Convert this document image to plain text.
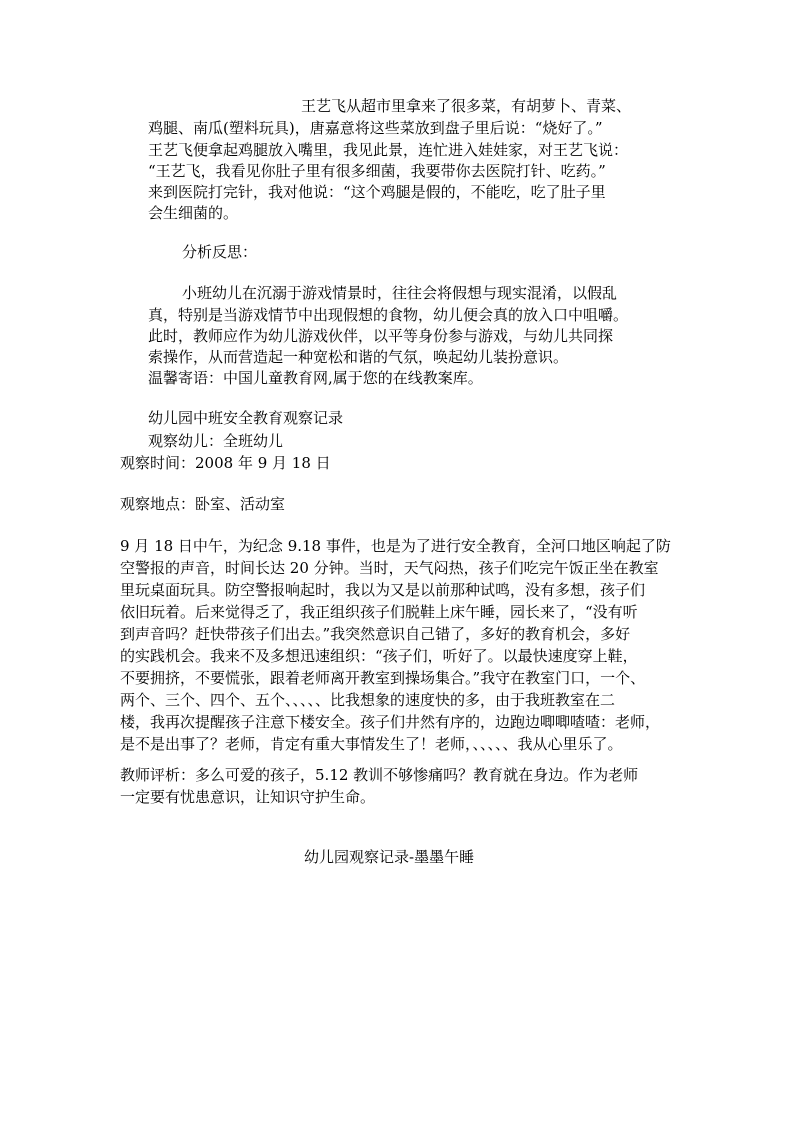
王艺飞从超市里拿来了很多菜，有胡萝卜、青菜、
鸡腿、南瓜(塑料玩具)，唐嘉意将这些菜放到盘子里后说：“烧好了。”
王艺飞便拿起鸡腿放入嘴里，我见此景，连忙进入娃娃家，对王艺飞说：
“王艺飞，我看见你肚子里有很多细菌，我要带你去医院打针、吃药。”
来到医院打完针，我对他说：“这个鸡腿是假的，不能吃，吃了肚子里
会生细菌的。
分析反思：
小班幼儿在沉溺于游戏情景时，往往会将假想与现实混淆，以假乱
真，特别是当游戏情节中出现假想的食物，幼儿便会真的放入口中咀嚼。
此时，教师应作为幼儿游戏伙伴，以平等身份参与游戏，与幼儿共同探
索操作，从而营造起一种宽松和谐的气氛，唤起幼儿装扮意识。
温馨寄语：中国儿童教育网,属于您的在线教案库。
幼儿园中班安全教育观察记录
观察幼儿：全班幼儿
观察时间：2008 年 9 月 18 日
观察地点：卧室、活动室
9 月 18 日中午，为纪念 9.18 事件，也是为了进行安全教育，全河口地区响起了防
空警报的声音，时间长达 20 分钟。当时，天气闷热，孩子们吃完午饭正坐在教室
里玩桌面玩具。防空警报响起时，我以为又是以前那种试鸣，没有多想，孩子们
依旧玩着。后来觉得乏了，我正组织孩子们脱鞋上床午睡，园长来了，“没有听
到声音吗？赶快带孩子们出去。”我突然意识自己错了，多好的教育机会，多好
的实践机会。我来不及多想迅速组织：“孩子们，听好了。以最快速度穿上鞋，
不要拥挤，不要慌张，跟着老师离开教室到操场集合。”我守在教室门口，一个、
两个、三个、四个、五个、、、、、比我想象的速度快的多，由于我班教室在二
楼，我再次提醒孩子注意下楼安全。孩子们井然有序的，边跑边唧唧喳喳：老师，
是不是出事了？老师，肯定有重大事情发生了！老师，、、、、、我从心里乐了。
教师评析：多么可爱的孩子，5.12 教训不够惨痛吗？教育就在身边。作为老师
一定要有忧患意识，让知识守护生命。
幼儿园观察记录-墨墨午睡
